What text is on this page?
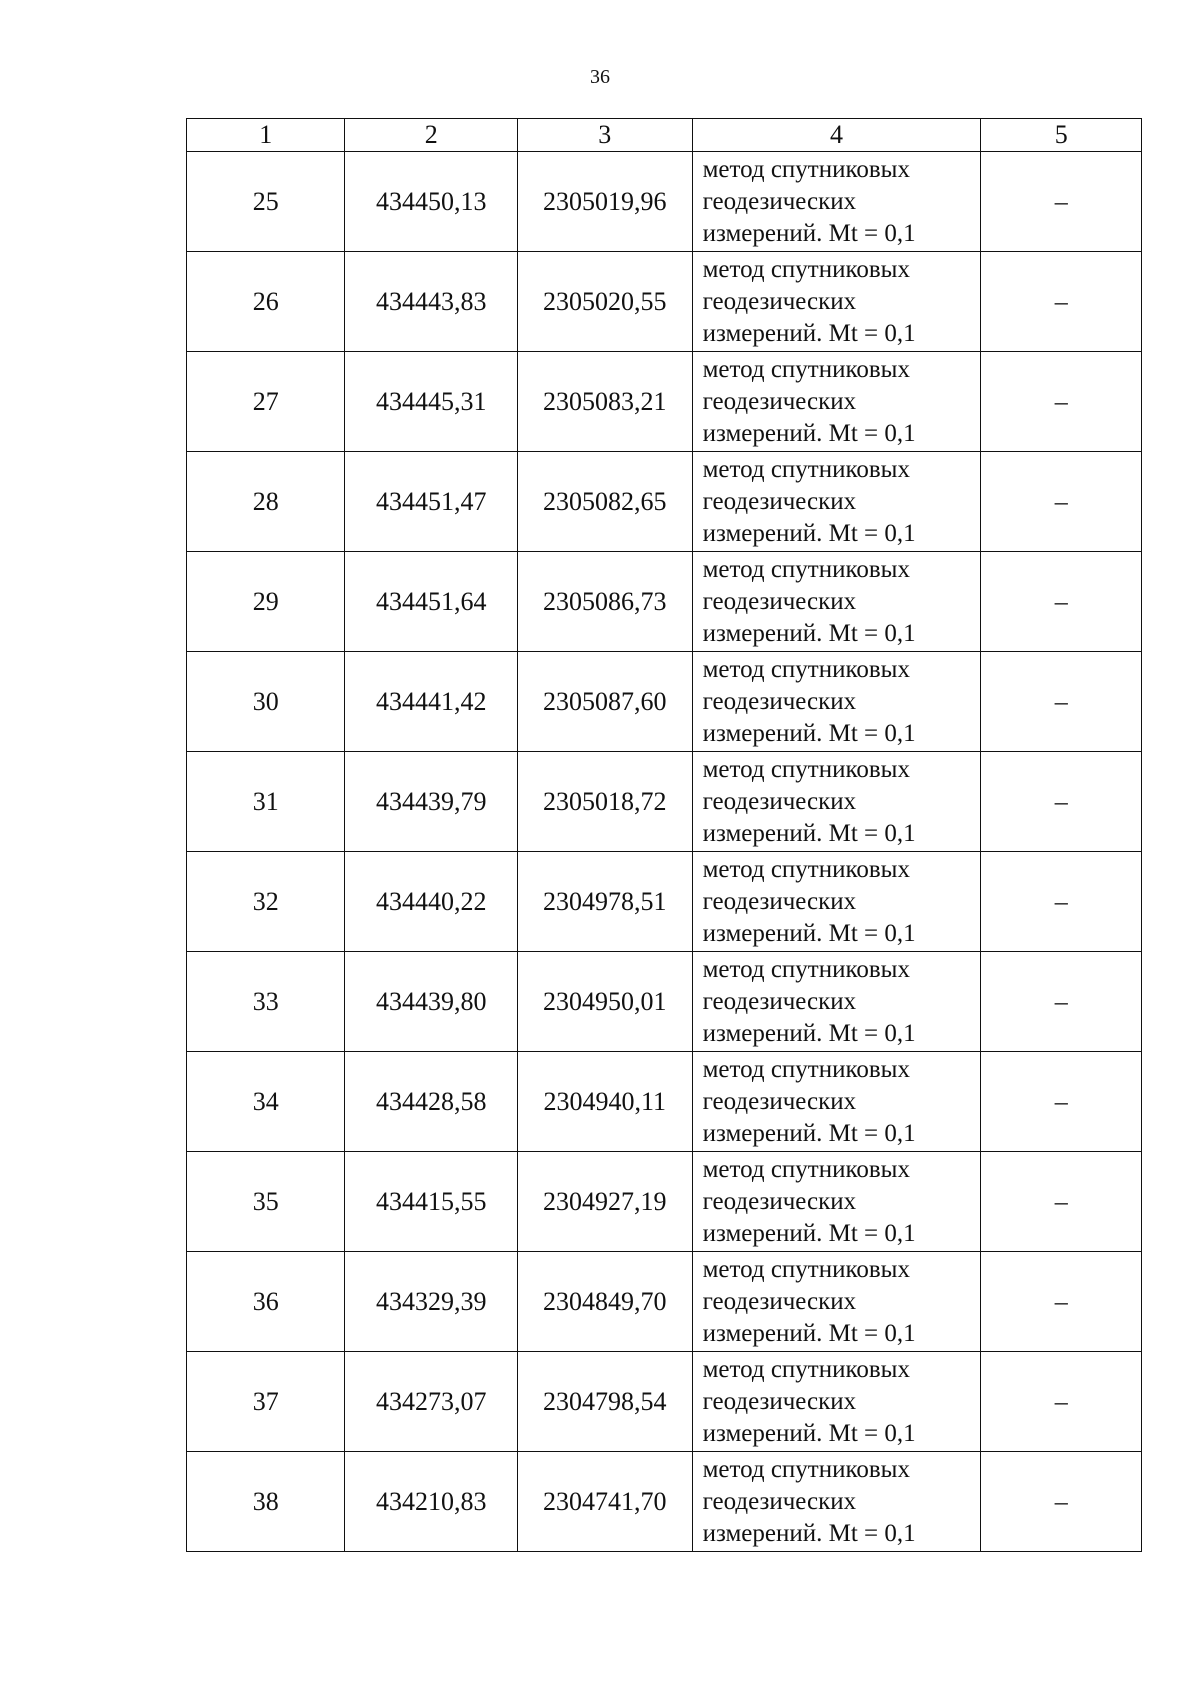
36
1	2	3	4	5
25	434450,13	2305019,96	метод спутниковых
геодезических
измерений. Mt = 0,1	–
26	434443,83	2305020,55	метод спутниковых
геодезических
измерений. Mt = 0,1	–
27	434445,31	2305083,21	метод спутниковых
геодезических
измерений. Mt = 0,1	–
28	434451,47	2305082,65	метод спутниковых
геодезических
измерений. Mt = 0,1	–
29	434451,64	2305086,73	метод спутниковых
геодезических
измерений. Mt = 0,1	–
30	434441,42	2305087,60	метод спутниковых
геодезических
измерений. Mt = 0,1	–
31	434439,79	2305018,72	метод спутниковых
геодезических
измерений. Mt = 0,1	–
32	434440,22	2304978,51	метод спутниковых
геодезических
измерений. Mt = 0,1	–
33	434439,80	2304950,01	метод спутниковых
геодезических
измерений. Mt = 0,1	–
34	434428,58	2304940,11	метод спутниковых
геодезических
измерений. Mt = 0,1	–
35	434415,55	2304927,19	метод спутниковых
геодезических
измерений. Mt = 0,1	–
36	434329,39	2304849,70	метод спутниковых
геодезических
измерений. Mt = 0,1	–
37	434273,07	2304798,54	метод спутниковых
геодезических
измерений. Mt = 0,1	–
38	434210,83	2304741,70	метод спутниковых
геодезических
измерений. Mt = 0,1	–
